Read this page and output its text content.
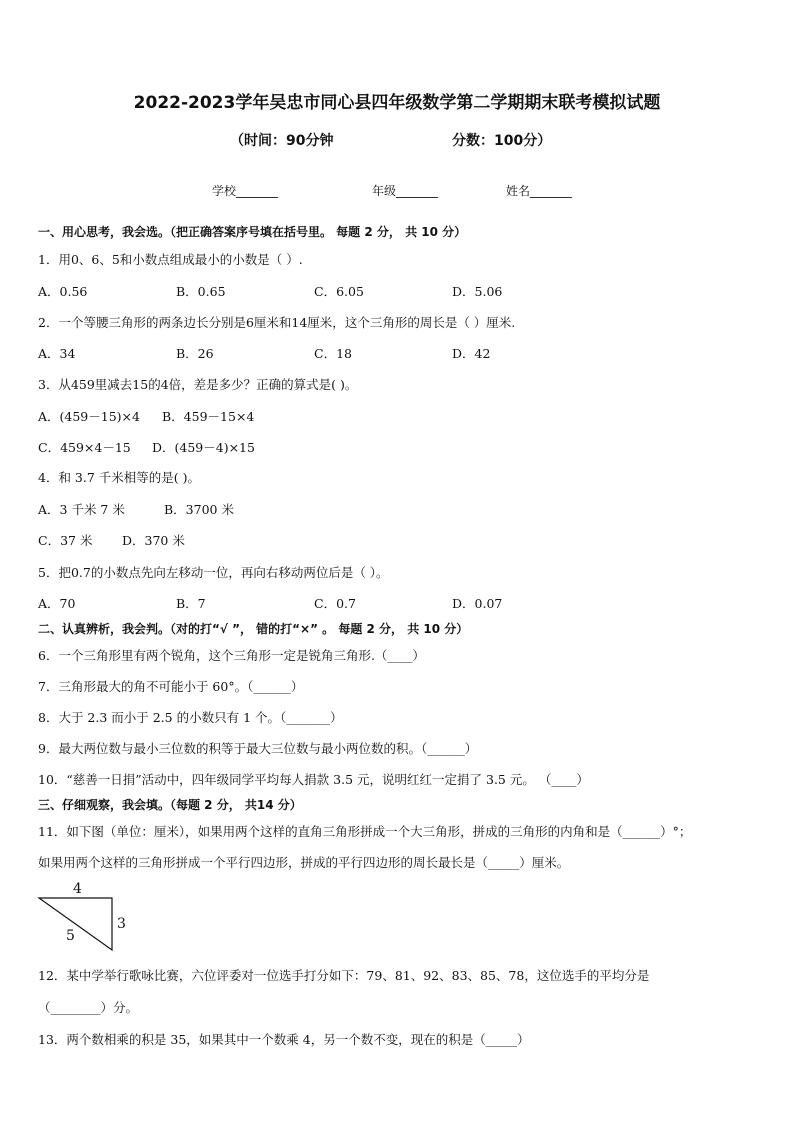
2022-2023学年吴忠市同心县四年级数学第二学期期末联考模拟试题
（时间：90分钟	分数：100分）
学校_______	年级_______	姓名_______
一、用心思考，我会选。（把正确答案序号填在括号里。 每题 2 分， 共 10 分）
1．用0、6、5和小数点组成最小的小数是（ ）.
A．0.56	B．0.65	C．6.05	D．5.06
2．一个等腰三角形的两条边长分别是6厘米和14厘米，这个三角形的周长是（ ）厘米.
A．34	B．26	C．18	D．42
3．从459里减去15的4倍，差是多少？正确的算式是( )。
A．(459－15)×4 B．459－15×4
C．459×4－15 D．(459－4)×15
4．和 3.7 千米相等的是( )。
A．3 千米 7 米	B．3700 米
C．37 米 D．370 米
5．把0.7的小数点先向左移动一位，再向右移动两位后是（ ）。
A．70	B．7	C．0.7	D．0.07
二、认真辨析，我会判。（对的打“√ ”， 错的打“×” 。 每题 2 分， 共 10 分）
6．一个三角形里有两个锐角，这个三角形一定是锐角三角形.（____）
7．三角形最大的角不可能小于 60°。（______）
8．大于 2.3 而小于 2.5 的小数只有 1 个。（_______）
9．最大两位数与最小三位数的积等于最大三位数与最小两位数的积。（______）
10．“慈善一日捐”活动中，四年级同学平均每人捐款 3.5 元，说明红红一定捐了 3.5 元。 （____）
三、仔细观察，我会填。（每题 2 分， 共14 分）
11．如下图（单位：厘米），如果用两个这样的直角三角形拼成一个大三角形，拼成的三角形的内角和是（______）°；
如果用两个这样的三角形拼成一个平行四边形，拼成的平行四边形的周长最长是（_____）厘米。
4
5
3
12．某中学举行歌咏比赛，六位评委对一位选手打分如下：79、81、92、83、85、78，这位选手的平均分是
（________）分。
13．两个数相乘的积是 35，如果其中一个数乘 4，另一个数不变，现在的积是（_____）
